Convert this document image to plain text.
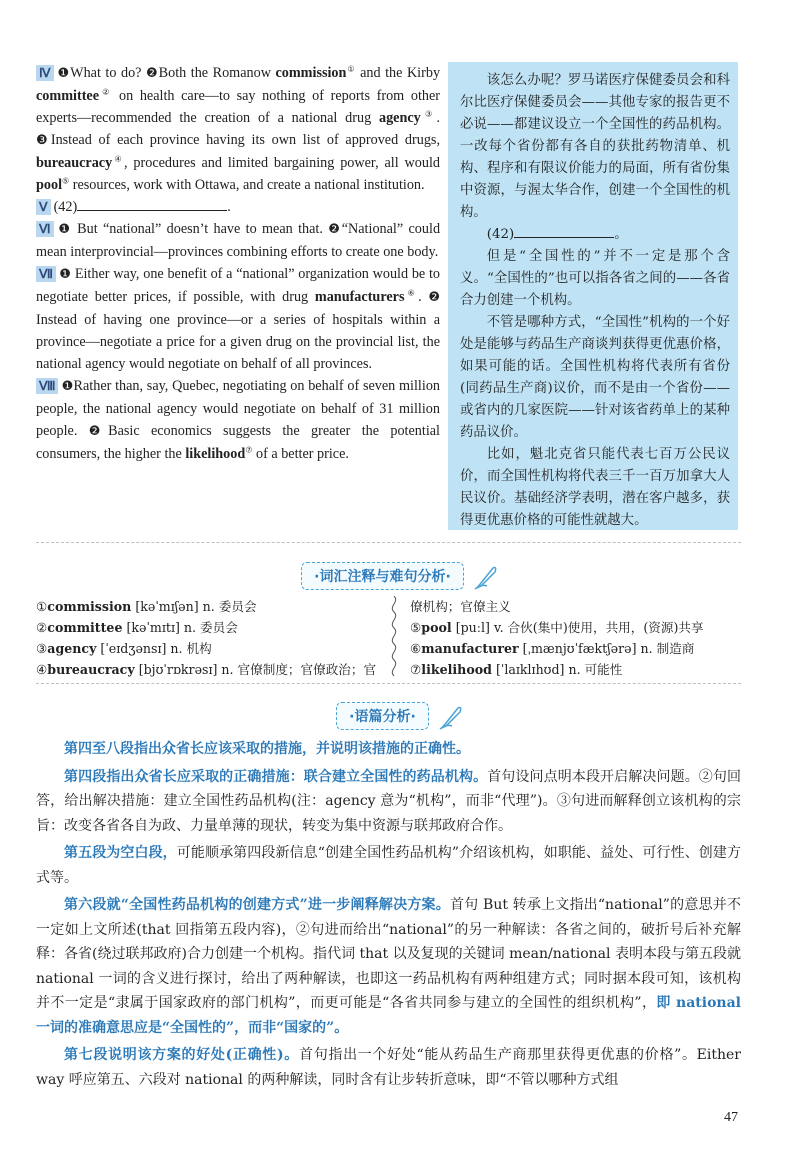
Ⅳ ❶What to do? ❷Both the Romanow commission① and the Kirby committee② on health care—to say nothing of reports from other experts—recommended the creation of a national drug agency③. ❸Instead of each province having its own list of approved drugs, bureaucracy④, procedures and limited bargaining power, all would pool⑤ resources, work with Ottawa, and create a national institution.

Ⅴ (42)	.

Ⅵ ❶ But “national” doesn’t have to mean that. ❷“National” could mean interprovincial—provinces combining efforts to create one body.

Ⅶ ❶ Either way, one benefit of a “national” organization would be to negotiate better prices, if possible, with drug manufacturers⑥. ❷ Instead of having one province—or a series of hospitals within a province—negotiate a price for a given drug on the provincial list, the national agency would negotiate on behalf of all provinces.

Ⅷ ❶Rather than, say, Quebec, negotiating on behalf of seven million people, the national agency would negotiate on behalf of 31 million people. ❷Basic economics suggests the greater the potential consumers, the higher the likelihood⑦ of a better price.

该怎么办呢？罗马诺医疗保健委员会和科尔比医疗保健委员会——其他专家的报告更不必说——都建议设立一个全国性的药品机构。一改每个省份都有各自的获批药物清单、机构、程序和有限议价能力的局面，所有省份集中资源，与渥太华合作，创建一个全国性的机构。

(42)	。

但是“全国性的”并不一定是那个含义。“全国性的”也可以指各省之间的——各省合力创建一个机构。

不管是哪种方式，“全国性”机构的一个好处是能够与药品生产商谈判获得更优惠价格，如果可能的话。全国性机构将代表所有省份(同药品生产商)议价，而不是由一个省份——或省内的几家医院——针对该省药单上的某种药品议价。

比如，魁北克省只能代表七百万公民议价，而全国性机构将代表三千一百万加拿大人民议价。基础经济学表明，潜在客户越多，获得更优惠价格的可能性就越大。

·词汇注释与难句分析·
①commission [kəˈmɪʃən] n. 委员会
②committee [kəˈmɪtɪ] n. 委员会
③agency [ˈeɪdʒənsɪ] n. 机构
④bureaucracy [bjʊˈrɒkrəsɪ] n. 官僚制度；官僚政治；官
僚机构；官僚主义
⑤pool [puːl] v. 合伙(集中)使用，共用，(资源)共享
⑥manufacturer [ˌmænjʊˈfæktʃərə] n. 制造商
⑦likelihood [ˈlaɪklɪhʊd] n. 可能性
·语篇分析·

第四至八段指出众省长应该采取的措施，并说明该措施的正确性。

第四段指出众省长应采取的正确措施：联合建立全国性的药品机构。首句设问点明本段开启解决问题。②句回答，给出解决措施：建立全国性药品机构(注：agency 意为“机构”，而非“代理”)。③句进而解释创立该机构的宗旨：改变各省各自为政、力量单薄的现状，转变为集中资源与联邦政府合作。

第五段为空白段，可能顺承第四段新信息“创建全国性药品机构”介绍该机构，如职能、益处、可行性、创建方式等。

第六段就“全国性药品机构的创建方式”进一步阐释解决方案。首句 But 转承上文指出“national”的意思并不一定如上文所述(that 回指第五段内容)，②句进而给出“national”的另一种解读：各省之间的，破折号后补充解释：各省(绕过联邦政府)合力创建一个机构。指代词 that 以及复现的关键词 mean/national 表明本段与第五段就 national 一词的含义进行探讨，给出了两种解读，也即这一药品机构有两种组建方式；同时据本段可知，该机构并不一定是“隶属于国家政府的部门机构”，而更可能是“各省共同参与建立的全国性的组织机构”，即 national 一词的准确意思应是“全国性的”，而非“国家的”。

第七段说明该方案的好处(正确性)。首句指出一个好处“能从药品生产商那里获得更优惠的价格”。Either way 呼应第五、六段对 national 的两种解读，同时含有让步转折意味，即“不管以哪种方式组

47
